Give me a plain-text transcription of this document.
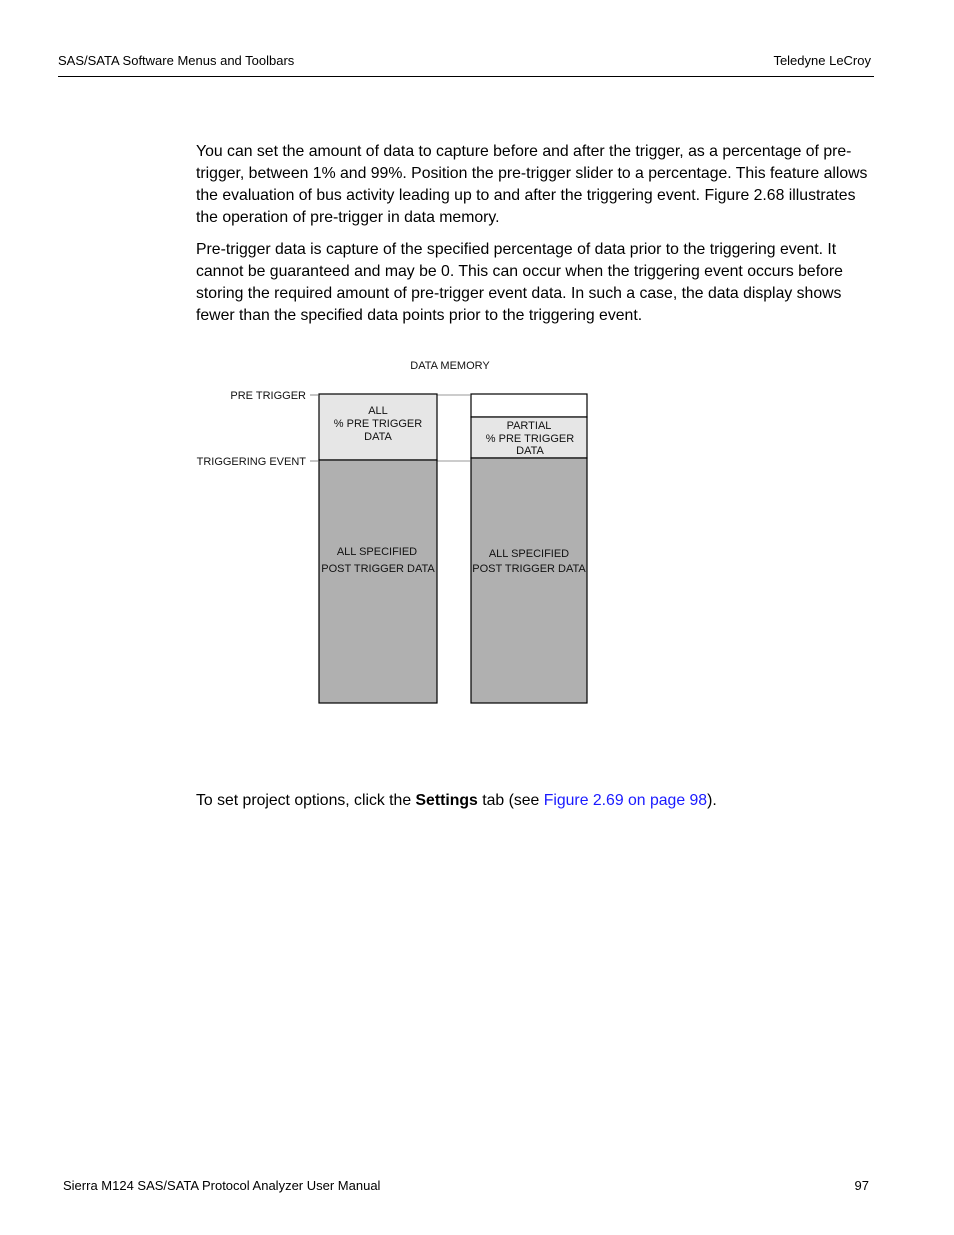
SAS/SATA Software Menus and Toolbars	Teledyne LeCroy

You can set the amount of data to capture before and after the trigger, as a percentage of pre-trigger, between 1% and 99%. Position the pre-trigger slider to a percentage. This feature allows the evaluation of bus activity leading up to and after the triggering event. Figure 2.68 illustrates the operation of pre-trigger in data memory.

Pre-trigger data is capture of the specified percentage of data prior to the triggering event. It cannot be guaranteed and may be 0. This can occur when the triggering event occurs before storing the required amount of pre-trigger event data. In such a case, the data display shows fewer than the specified data points prior to the triggering event.

DATA MEMORY
PRE TRIGGER
TRIGGERING EVENT
ALL
% PRE TRIGGER
DATA
ALL SPECIFIED
POST TRIGGER DATA
PARTIAL
% PRE TRIGGER
DATA
ALL SPECIFIED
POST TRIGGER DATA

To set project options, click the Settings tab (see Figure 2.69 on page 98).

Sierra M124 SAS/SATA Protocol Analyzer User Manual	97
